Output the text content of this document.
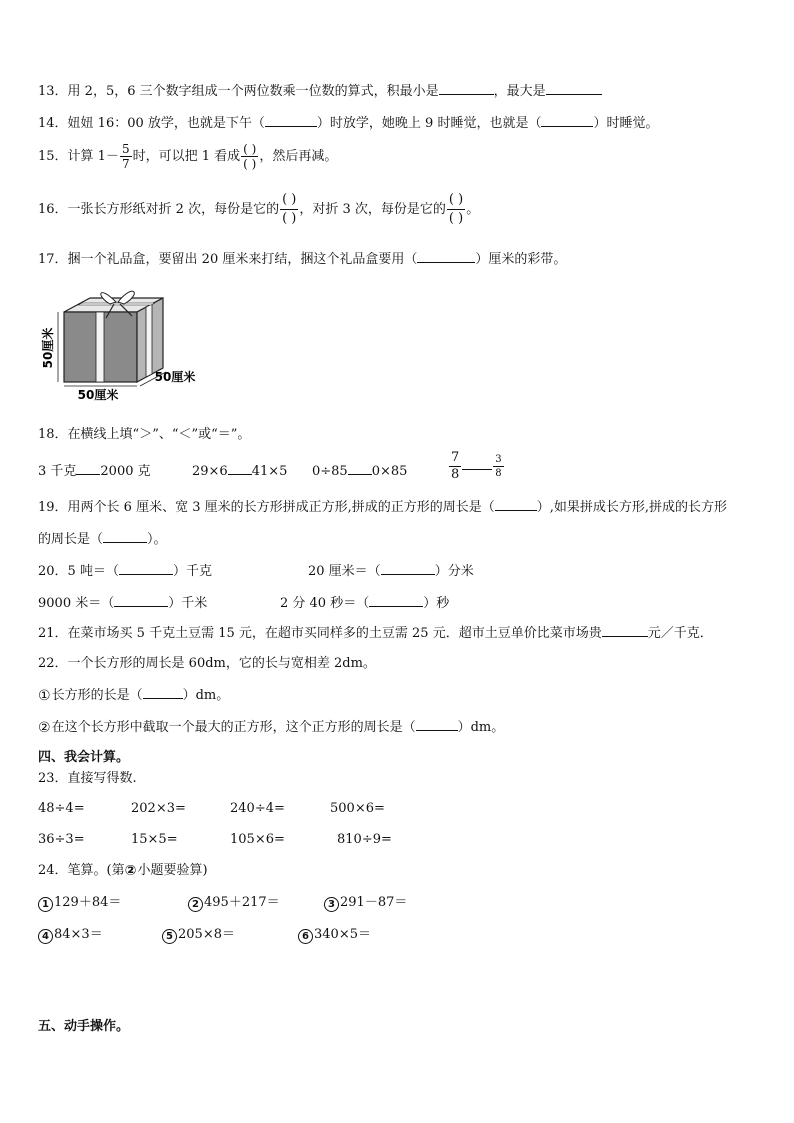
13．用 2，5，6 三个数字组成一个两位数乘一位数的算式，积最小是	，最大是
14．妞妞 16：00 放学，也就是下午（	）时放学，她晚上 9 时睡觉，也就是（	）时睡觉。
15．计算 $1- \frac{5}{7}$ 时，可以把 1 看成 $\frac{( )}{( )}$ ，然后再减。
16．一张长方形纸对折 2 次，每份是它的 $\frac{( )}{( )}$ ，对折 3 次，每份是它的 $\frac{( )}{( )}$ 。
17．捆一个礼品盒，要留出 20 厘米来打结，捆这个礼品盒要用（	）厘米的彩带。
50厘米
50厘米
50厘米
18．在横线上填“＞”、“＜”或“＝”。
3 千克 2000 克	29×6 41×5 0÷85 0×85	$\frac{7}{8}$	$\frac{3}{8}$
19．用两个长 6 厘米、宽 3 厘米的长方形拼成正方形,拼成的正方形的周长是（	）,如果拼成长方形,拼成的长方形
的周长是（	）。
20．5 吨＝（	）千克	20 厘米＝（	）分米
9000 米＝（	）千米	2 分 40 秒＝（	）秒
21．在菜市场买 5 千克土豆需 15 元，在超市买同样多的土豆需 25 元．超市土豆单价比菜市场贵	元／千克．
22．一个长方形的周长是 60dm，它的长与宽相差 2dm。
①长方形的长是（	）dm。
②在这个长方形中截取一个最大的正方形，这个正方形的周长是（	）dm。
四、我会计算。
23．直接写得数.
48÷4=	202×3=	240÷4=	500×6=
36÷3=	15×5=	105×6=	810÷9=
24．笔算。(第②小题要验算)
1 129＋84＝	2 495＋217＝	3 291－87＝
4 84×3＝	5 205×8＝	6 340×5＝
五、动手操作。
